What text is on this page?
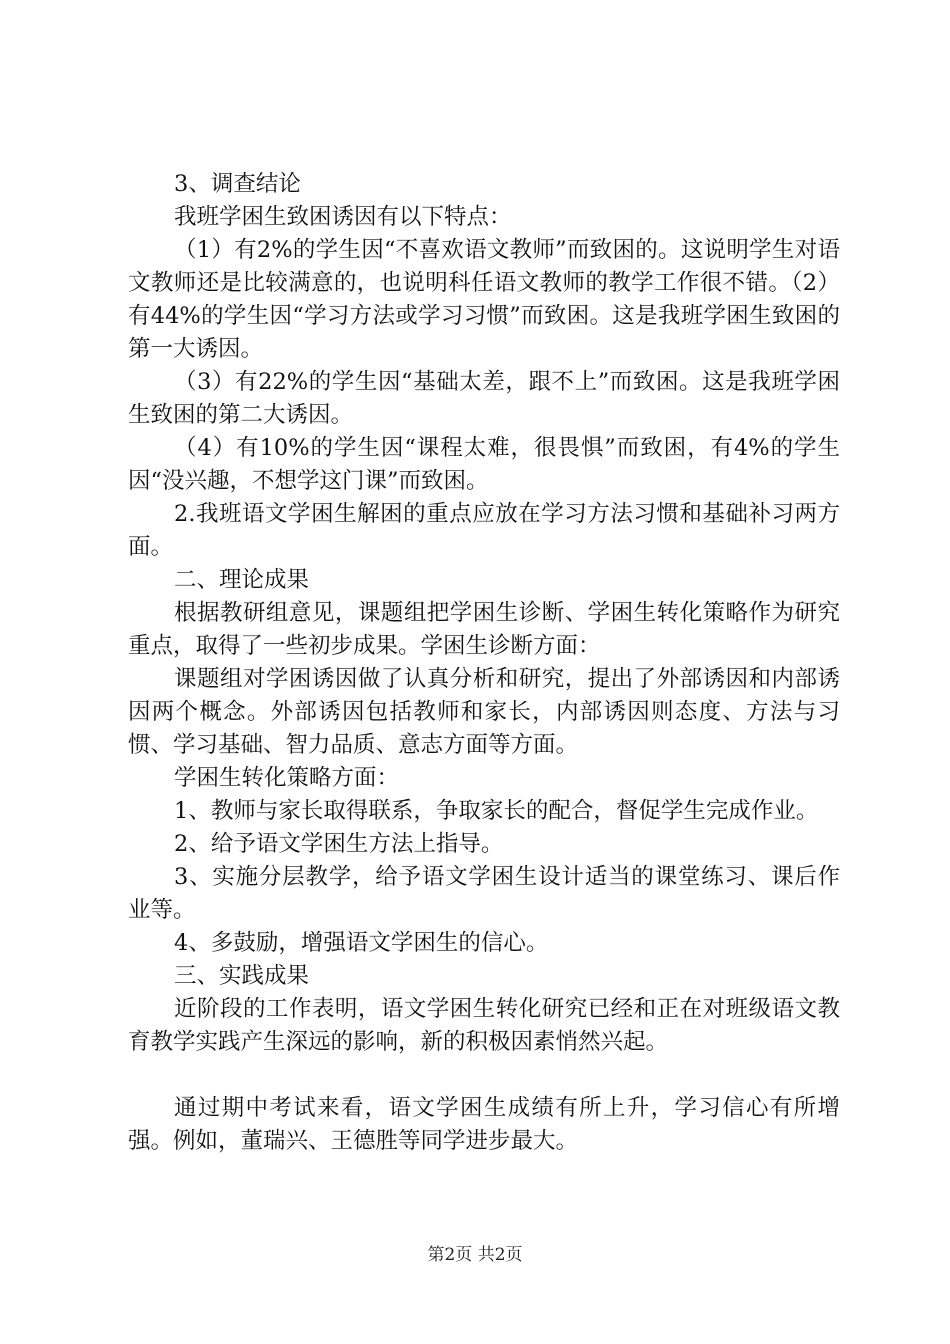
3、调查结论

我班学困生致困诱因有以下特点：

（1）有2%的学生因“不喜欢语文教师”而致困的。这说明学生对语文教师还是比较满意的，也说明科任语文教师的教学工作很不错。（2）有44%的学生因“学习方法或学习习惯”而致困。这是我班学困生致困的第一大诱因。

（3）有22%的学生因“基础太差，跟不上”而致困。这是我班学困生致困的第二大诱因。

（4）有10%的学生因“课程太难，很畏惧”而致困，有4%的学生因“没兴趣，不想学这门课”而致困。

2.我班语文学困生解困的重点应放在学习方法习惯和基础补习两方面。

二、理论成果

根据教研组意见，课题组把学困生诊断、学困生转化策略作为研究重点，取得了一些初步成果。学困生诊断方面：

课题组对学困诱因做了认真分析和研究，提出了外部诱因和内部诱因两个概念。外部诱因包括教师和家长，内部诱因则态度、方法与习惯、学习基础、智力品质、意志方面等方面。

学困生转化策略方面：

1、教师与家长取得联系，争取家长的配合，督促学生完成作业。

2、给予语文学困生方法上指导。

3、实施分层教学，给予语文学困生设计适当的课堂练习、课后作业等。

4、多鼓励，增强语文学困生的信心。

三、实践成果

近阶段的工作表明，语文学困生转化研究已经和正在对班级语文教育教学实践产生深远的影响，新的积极因素悄然兴起。

通过期中考试来看，语文学困生成绩有所上升，学习信心有所增强。例如，董瑞兴、王德胜等同学进步最大。

第2页 共2页
